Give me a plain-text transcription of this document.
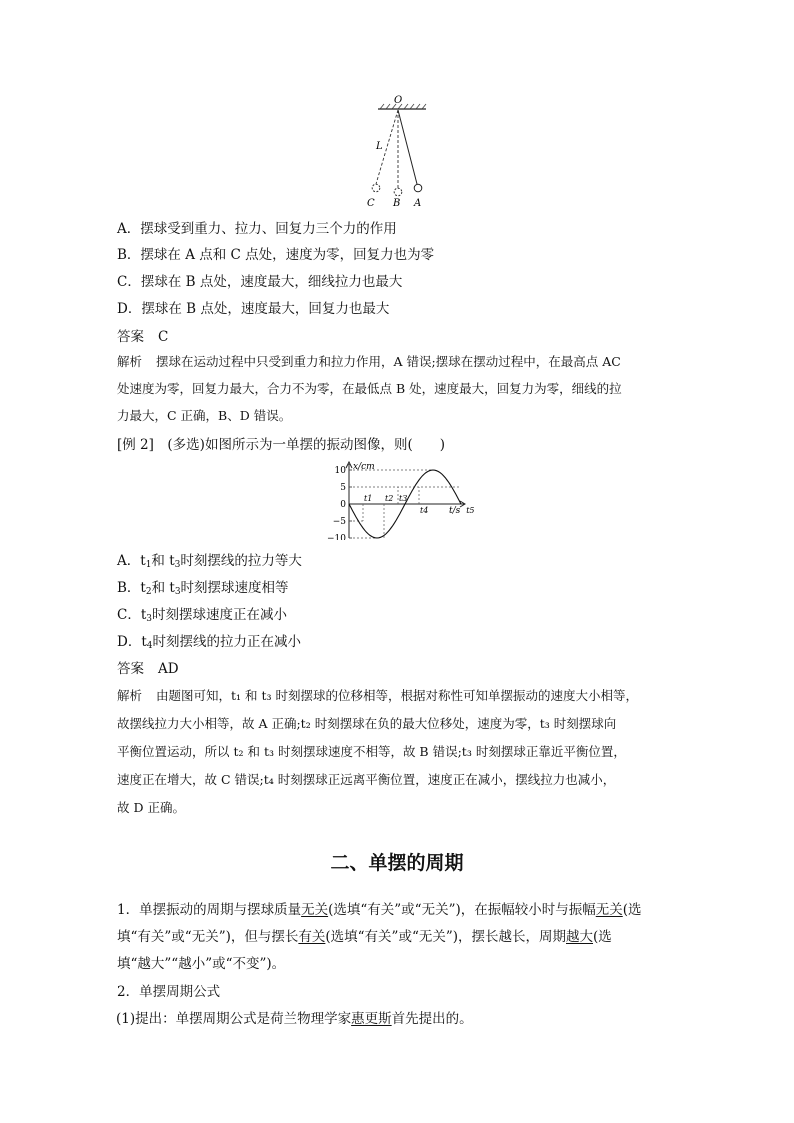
O
L
C B A
A．摆球受到重力、拉力、回复力三个力的作用
B．摆球在 A 点和 C 点处，速度为零，回复力也为零
C．摆球在 B 点处，速度最大，细线拉力也最大
D．摆球在 B 点处，速度最大，回复力也最大
答案 C
解析 摆球在运动过程中只受到重力和拉力作用，A 错误;摆球在摆动过程中，在最高点 AC
处速度为零，回复力最大，合力不为零，在最低点 B 处，速度最大，回复力为零，细线的拉
力最大，C 正确，B、D 错误。
[例 2]　(多选)如图所示为一单摆的振动图像，则(　　)
x/cm
t/s
10
5
0
−5
−10
t1 t2 t3
t4	t5
A．$t_1$和 $t_3$时刻摆线的拉力等大
B．$t_2$和 $t_3$时刻摆球速度相等
C．$t_3$时刻摆球速度正在减小
D．$t_4$时刻摆线的拉力正在减小
答案 AD
解析 由题图可知，t₁ 和 t₃ 时刻摆球的位移相等，根据对称性可知单摆振动的速度大小相等，
故摆线拉力大小相等，故 A 正确;t₂ 时刻摆球在负的最大位移处，速度为零，t₃ 时刻摆球向
平衡位置运动，所以 t₂ 和 t₃ 时刻摆球速度不相等，故 B 错误;t₃ 时刻摆球正靠近平衡位置，
速度正在增大，故 C 错误;t₄ 时刻摆球正远离平衡位置，速度正在减小，摆线拉力也减小，
故 D 正确。
二、单摆的周期
1．单摆振动的周期与摆球质量无关(选填“有关”或“无关”)，在振幅较小时与振幅无关(选
填“有关”或“无关”)，但与摆长有关(选填“有关”或“无关”)，摆长越长，周期越大(选
填“越大”“越小”或“不变”)。
2．单摆周期公式
(1)提出：单摆周期公式是荷兰物理学家惠更斯首先提出的。
